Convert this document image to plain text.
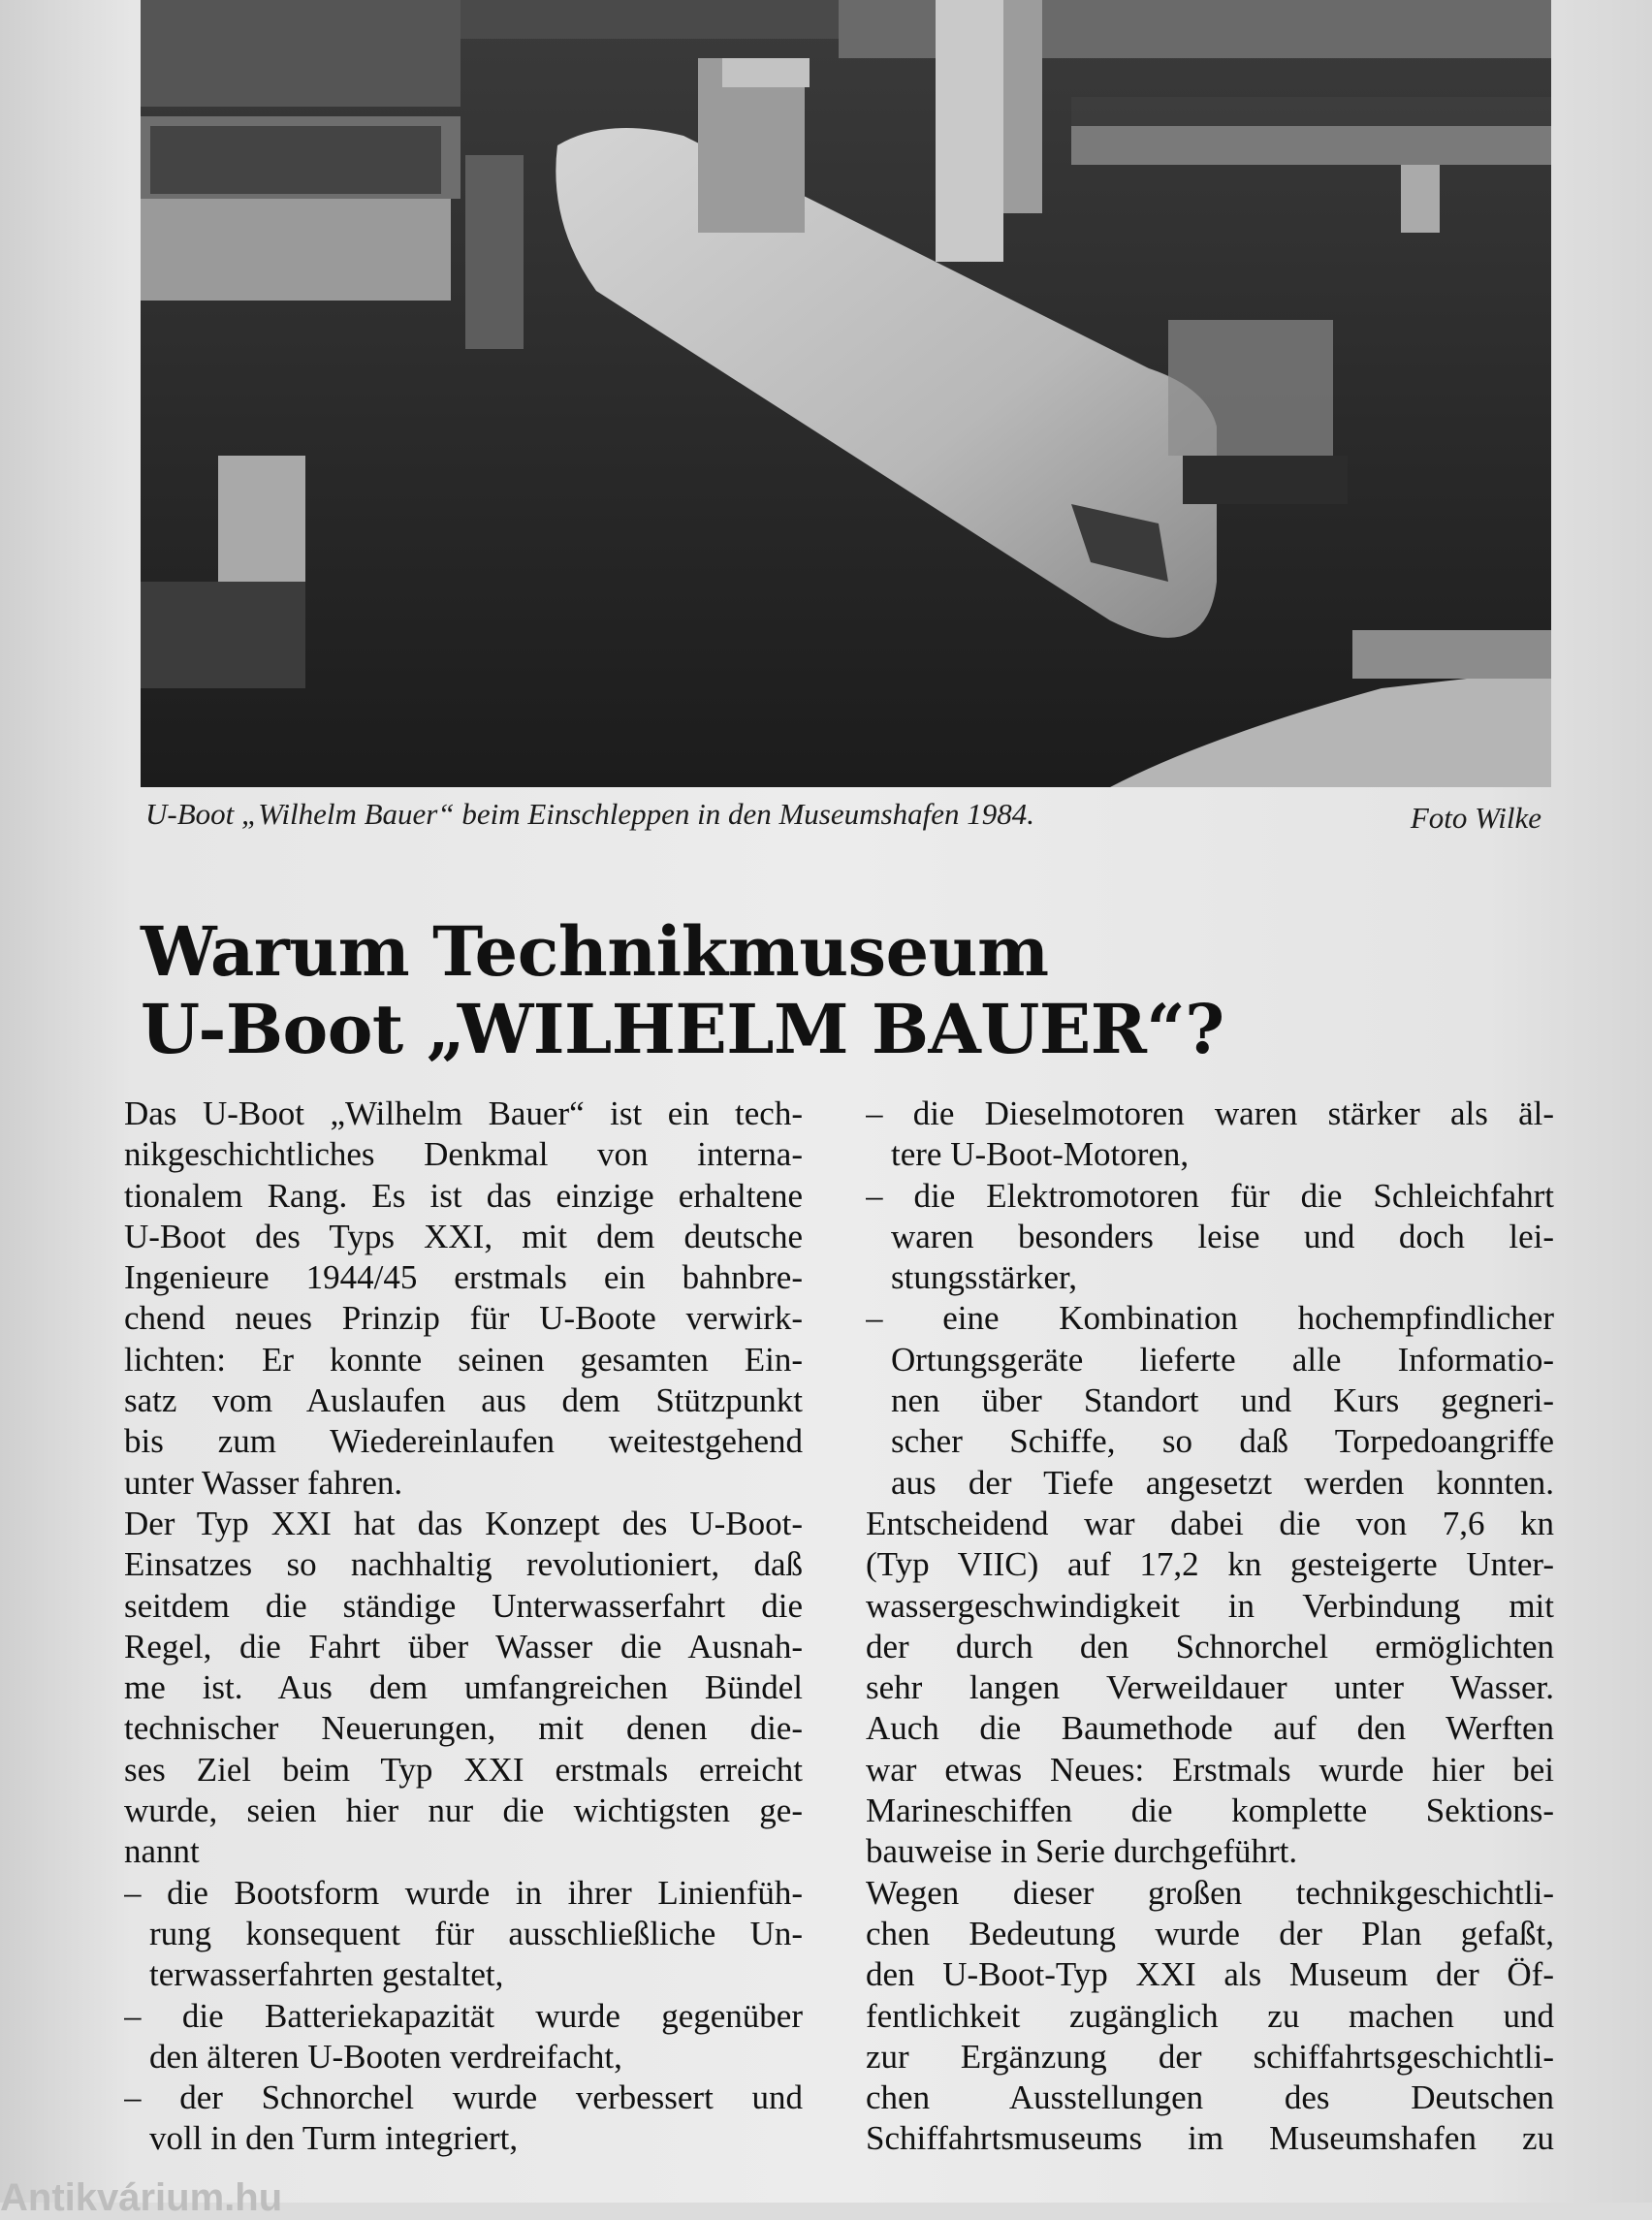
U-Boot „Wilhelm Bauer“ beim Einschleppen in den Museumshafen 1984.	Foto Wilke
Warum Technikmuseum
U-Boot „WILHELM BAUER“?
Das U-Boot „Wilhelm Bauer“ ist ein tech-
nikgeschichtliches Denkmal von interna-
tionalem Rang. Es ist das einzige erhaltene
U-Boot des Typs XXI, mit dem deutsche
Ingenieure 1944/45 erstmals ein bahnbre-
chend neues Prinzip für U-Boote verwirk-
lichten: Er konnte seinen gesamten Ein-
satz vom Auslaufen aus dem Stützpunkt
bis zum Wiedereinlaufen weitestgehend
unter Wasser fahren.
Der Typ XXI hat das Konzept des U-Boot-
Einsatzes so nachhaltig revolutioniert, daß
seitdem die ständige Unterwasserfahrt die
Regel, die Fahrt über Wasser die Ausnah-
me ist. Aus dem umfangreichen Bündel
technischer Neuerungen, mit denen die-
ses Ziel beim Typ XXI erstmals erreicht
wurde, seien hier nur die wichtigsten ge-
nannt
– die Bootsform wurde in ihrer Linienfüh-
rung konsequent für ausschließliche Un-
terwasserfahrten gestaltet,
– die Batteriekapazität wurde gegenüber
den älteren U-Booten verdreifacht,
– der Schnorchel wurde verbessert und
voll in den Turm integriert,
– die Dieselmotoren waren stärker als äl-
tere U-Boot-Motoren,
– die Elektromotoren für die Schleichfahrt
waren besonders leise und doch lei-
stungsstärker,
– eine Kombination hochempfindlicher
Ortungsgeräte lieferte alle Informatio-
nen über Standort und Kurs gegneri-
scher Schiffe, so daß Torpedoangriffe
aus der Tiefe angesetzt werden konnten.
Entscheidend war dabei die von 7,6 kn
(Typ VIIC) auf 17,2 kn gesteigerte Unter-
wassergeschwindigkeit in Verbindung mit
der durch den Schnorchel ermöglichten
sehr langen Verweildauer unter Wasser.
Auch die Baumethode auf den Werften
war etwas Neues: Erstmals wurde hier bei
Marineschiffen die komplette Sektions-
bauweise in Serie durchgeführt.
Wegen dieser großen technikgeschichtli-
chen Bedeutung wurde der Plan gefaßt,
den U-Boot-Typ XXI als Museum der Öf-
fentlichkeit zugänglich zu machen und
zur Ergänzung der schiffahrtsgeschichtli-
chen Ausstellungen des Deutschen
Schiffahrtsmuseums im Museumshafen zu
Antikvárium.hu
